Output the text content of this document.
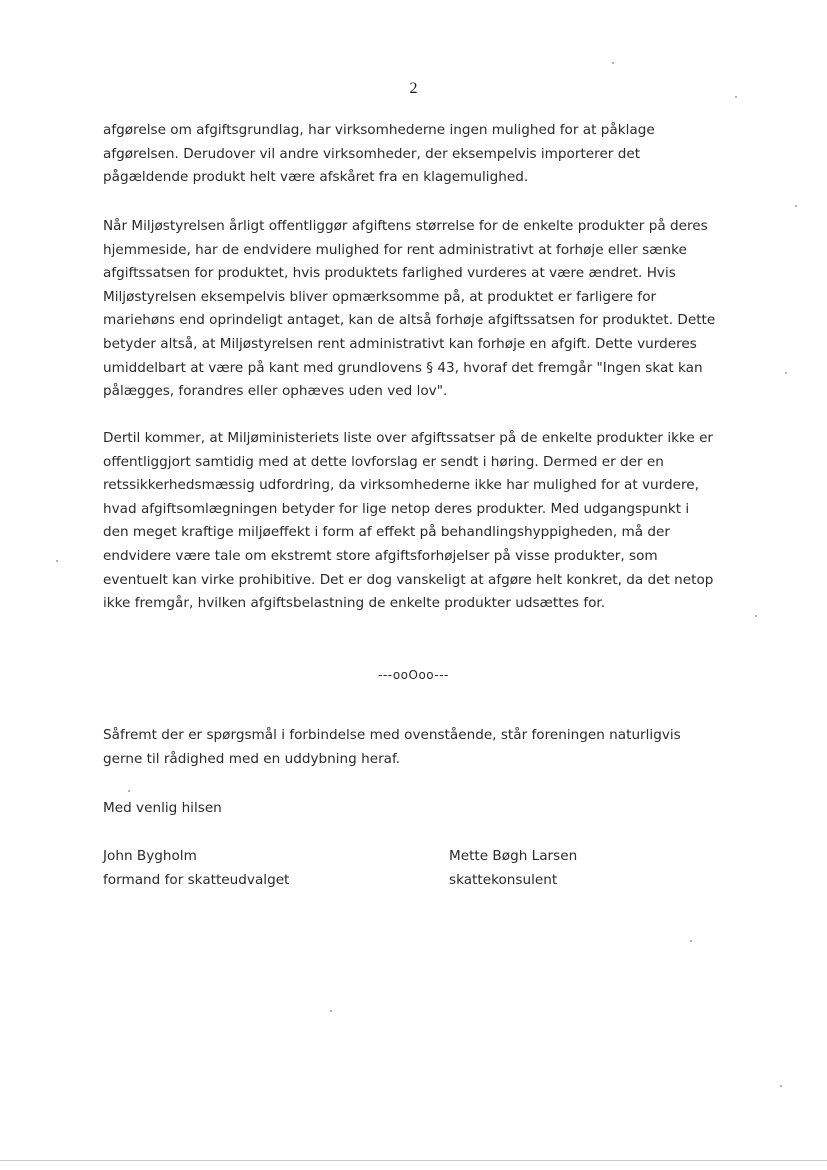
2
afgørelse om afgiftsgrundlag, har virksomhederne ingen mulighed for at påklage
afgørelsen. Derudover vil andre virksomheder, der eksempelvis importerer det
pågældende produkt helt være afskåret fra en klagemulighed.
Når Miljøstyrelsen årligt offentliggør afgiftens størrelse for de enkelte produkter på deres
hjemmeside, har de endvidere mulighed for rent administrativt at forhøje eller sænke
afgiftssatsen for produktet, hvis produktets farlighed vurderes at være ændret. Hvis
Miljøstyrelsen eksempelvis bliver opmærksomme på, at produktet er farligere for
mariehøns end oprindeligt antaget, kan de altså forhøje afgiftssatsen for produktet. Dette
betyder altså, at Miljøstyrelsen rent administrativt kan forhøje en afgift. Dette vurderes
umiddelbart at være på kant med grundlovens § 43, hvoraf det fremgår "Ingen skat kan
pålægges, forandres eller ophæves uden ved lov".
Dertil kommer, at Miljøministeriets liste over afgiftssatser på de enkelte produkter ikke er
offentliggjort samtidig med at dette lovforslag er sendt i høring. Dermed er der en
retssikkerhedsmæssig udfordring, da virksomhederne ikke har mulighed for at vurdere,
hvad afgiftsomlægningen betyder for lige netop deres produkter. Med udgangspunkt i
den meget kraftige miljøeffekt i form af effekt på behandlingshyppigheden, må der
endvidere være tale om ekstremt store afgiftsforhøjelser på visse produkter, som
eventuelt kan virke prohibitive. Det er dog vanskeligt at afgøre helt konkret, da det netop
ikke fremgår, hvilken afgiftsbelastning de enkelte produkter udsættes for.
---ooOoo---
Såfremt der er spørgsmål i forbindelse med ovenstående, står foreningen naturligvis
gerne til rådighed med en uddybning heraf.
Med venlig hilsen
John Bygholm
formand for skatteudvalget
Mette Bøgh Larsen
skattekonsulent
